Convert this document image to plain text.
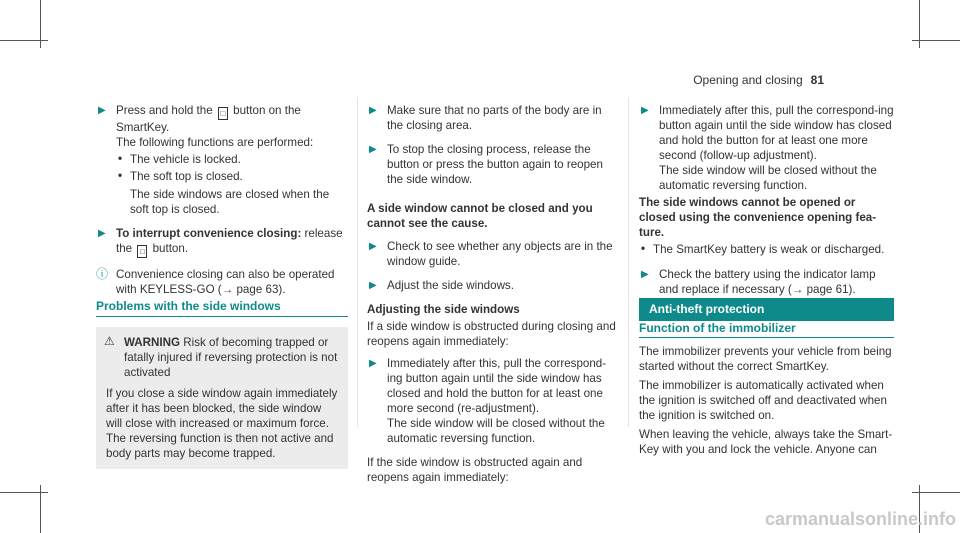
Opening and closing 81
▶ Press and hold the □ button on the
SmartKey.

The following functions are performed:

• The vehicle is locked.
• The soft top is closed.
The side windows are closed when the soft top is closed.
▶ To interrupt convenience closing: release the □ button.

ⓘ Convenience closing can also be operated with KEYLESS-GO (→ page 63).
Problems with the side windows

⚠ WARNING Risk of becoming trapped or fatally injured if reversing protection is not activated

If you close a side window again immediately after it has been blocked, the side window will close with increased or maximum force. The reversing function is then not active and body parts may become trapped.

▶ Make sure that no parts of the body are in the closing area.

▶ To stop the closing process, release the button or press the button again to reopen the side window.

A side window cannot be closed and you cannot see the cause.

▶ Check to see whether any objects are in the window guide.

▶ Adjust the side windows.

Adjusting the side windows

If a side window is obstructed during closing and reopens again immediately:

▶ Immediately after this, pull the correspond-ing button again until the side window has closed and hold the button for at least one more second (re-adjustment).

The side window will be closed without the automatic reversing function.

If the side window is obstructed again and reopens again immediately:

▶ Immediately after this, pull the correspond-ing button again until the side window has closed and hold the button for at least one more second (follow-up adjustment).

The side window will be closed without the automatic reversing function.

The side windows cannot be opened or closed using the convenience opening fea-ture.

• The SmartKey battery is weak or discharged.
▶ Check the battery using the indicator lamp and replace if necessary (→ page 61).

Anti-theft protection
Function of the immobilizer

The immobilizer prevents your vehicle from being started without the correct SmartKey.

The immobilizer is automatically activated when the ignition is switched off and deactivated when the ignition is switched on.

When leaving the vehicle, always take the Smart-Key with you and lock the vehicle. Anyone can

carmanualsonline.info
